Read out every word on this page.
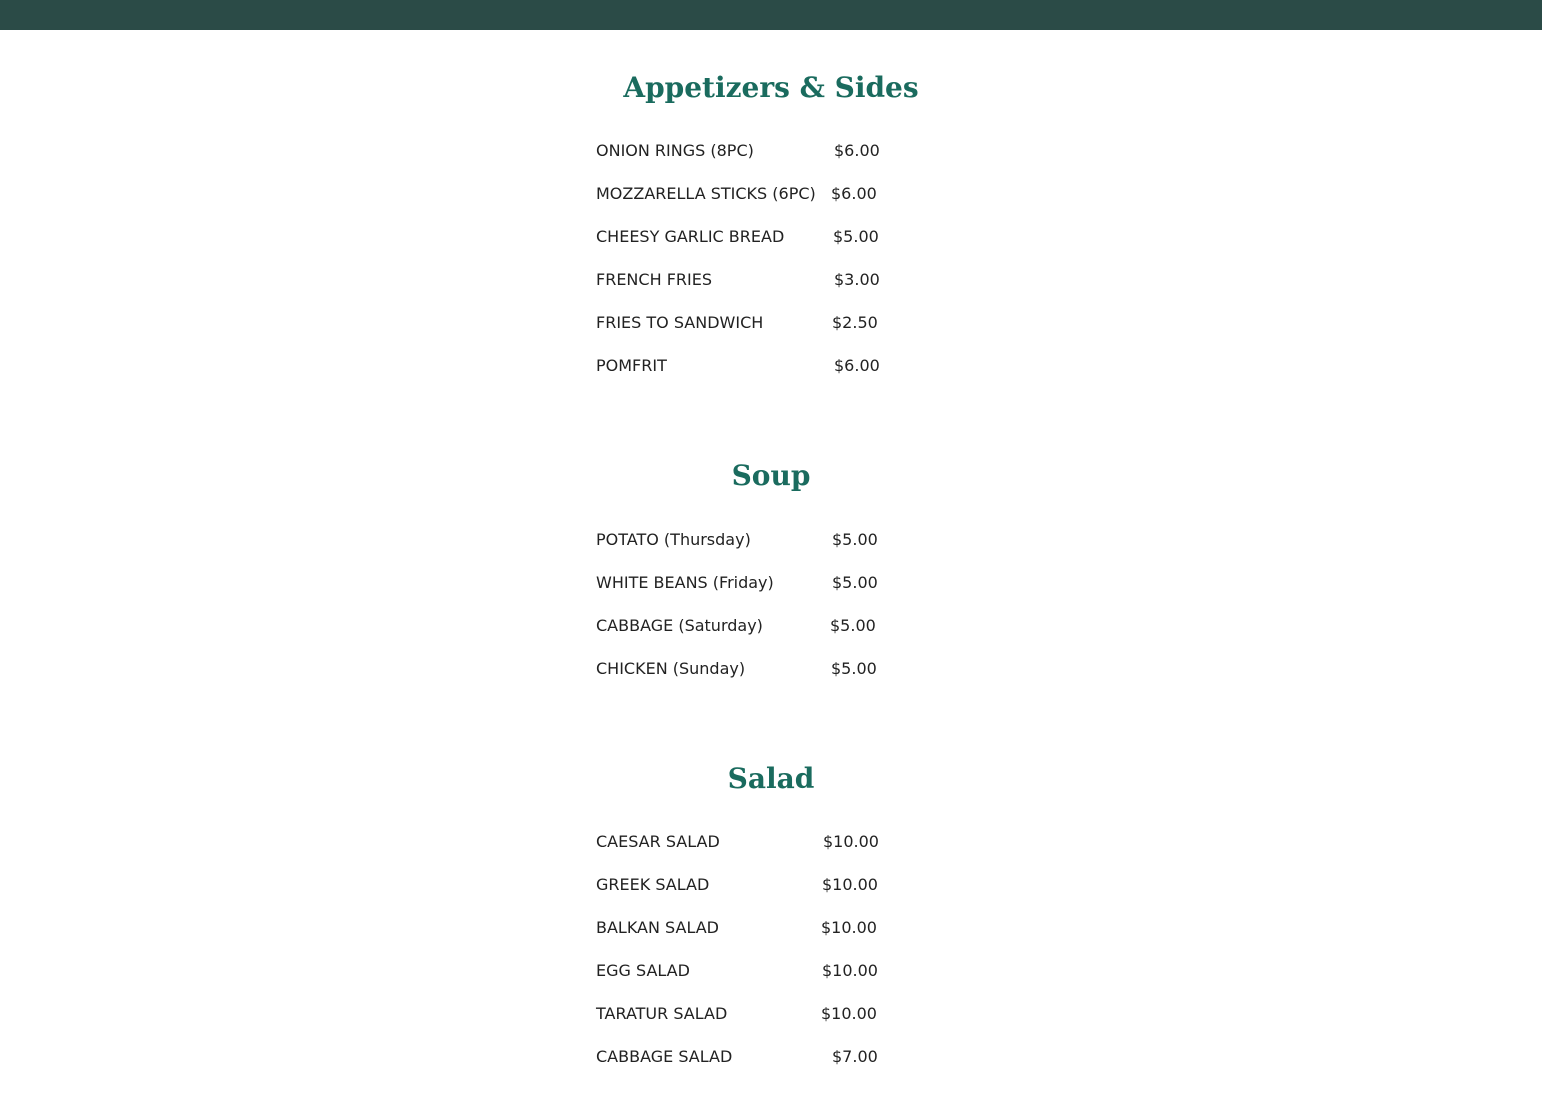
Appetizers & Sides
ONION RINGS (8PC)	$6.00
MOZZARELLA STICKS (6PC) $6.00
CHEESY GARLIC BREAD	$5.00
FRENCH FRIES	$3.00
FRIES TO SANDWICH	$2.50
POMFRIT	$6.00
Soup
POTATO (Thursday)	$5.00
WHITE BEANS (Friday)	$5.00
CABBAGE (Saturday)	$5.00
CHICKEN (Sunday)	$5.00
Salad
CAESAR SALAD	$10.00
GREEK SALAD	$10.00
BALKAN SALAD	$10.00
EGG SALAD	$10.00
TARATUR SALAD	$10.00
CABBAGE SALAD	$7.00
